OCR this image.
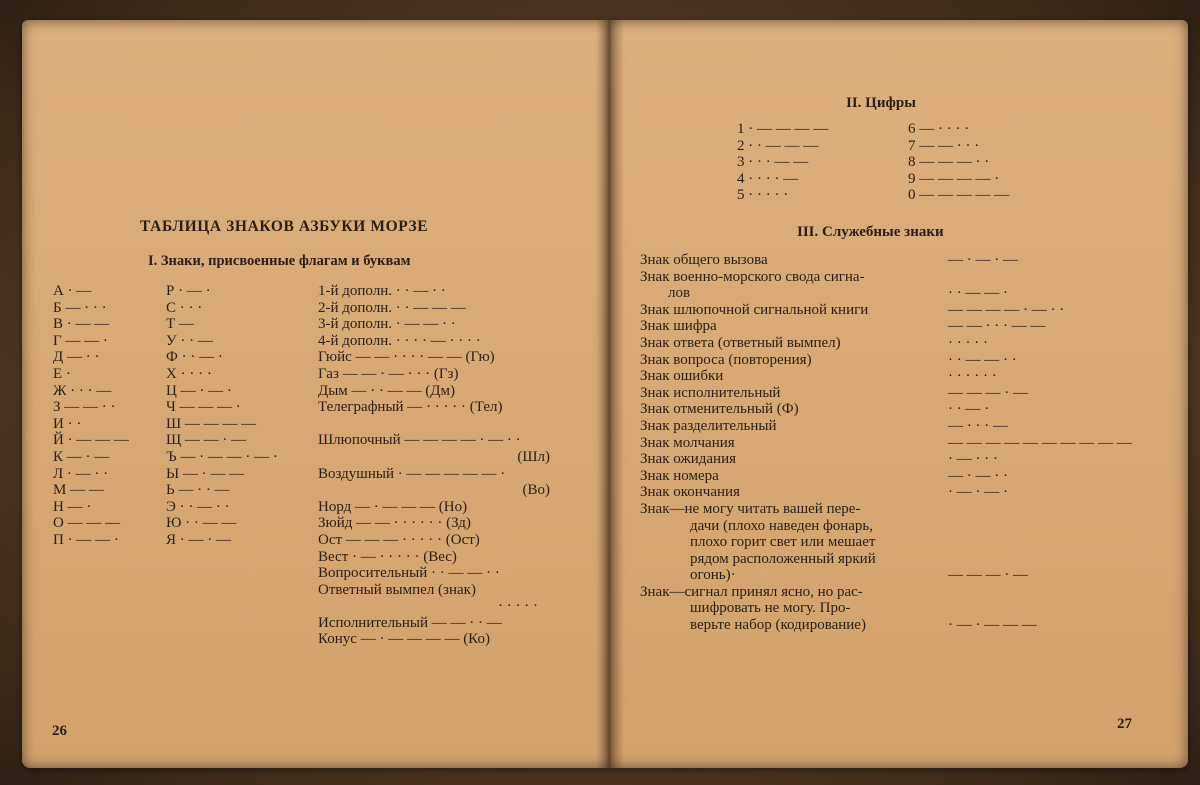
ТАБЛИЦА ЗНАКОВ АЗБУКИ МОРЗЕ
I. Знаки, присвоенные флагам и буквам
А · —
Б — · · ·
В · — —
Г — — ·
Д — · ·
Е ·
Ж · · · —
З — — · ·
И · ·
Й · — — —
К — · —
Л · — · ·
М — —
Н — ·
О — — —
П · — — ·
Р · — ·
С · · ·
Т —
У · · —
Ф · · — ·
Х · · · ·
Ц — · — ·
Ч — — — ·
Ш — — — —
Щ — — · —
Ъ — · — — · — ·
Ы — · — —
Ь — · · —
Э · · — · ·
Ю · · — —
Я · — · —
1-й дополн. · · — · ·
2-й дополн. · · — — —
3-й дополн. · — — · ·
4-й дополн. · · · · — · · · ·
Гюйс — — · · · · — — (Гю)
Газ — — · — · · · (Гз)
Дым — · · — — (Дм)
Телеграфный — · · · · · (Тел)
Шлюпочный — — — — · — · ·
(Шл)
Воздушный · — — — — — ·
(Во)
Норд — · — — — (Но)
Зюйд — — · · · · · · (Зд)
Ост — — — · · · · · (Ост)
Вест · — · · · · · (Вес)
Вопросительный · · — — · ·
Ответный вымпел (знак)
· · · · ·
Исполнительный — — · · —
Конус — · — — — — (Ко)
26
II. Цифры
1 · — — — —
2 · · — — —
3 · · · — —
4 · · · · —
5 · · · · ·
6 — · · · ·
7 — — · · ·
8 — — — · ·
9 — — — — ·
0 — — — — —
III. Служебные знаки
Знак общего вызова
Знак военно-морского свода сигна-
лов
Знак шлюпочной сигнальной книги
Знак шифра
Знак ответа (ответный вымпел)
Знак вопроса (повторения)
Знак ошибки
Знак исполнительный
Знак отменительный (Ф)
Знак разделительный
Знак молчания
Знак ожидания
Знак номера
Знак окончания
Знак—не могу читать вашей пере-
дачи (плохо наведен фонарь,
плохо горит свет или мешает
рядом расположенный яркий
огонь)·
Знак—сигнал принял ясно, но рас-
шифровать не могу. Про-
верьте набор (кодирование)
— · — · —
· · — — ·
— — — — · — · ·
— — · · · — —
· · · · ·
· · — — · ·
· · · · · ·
— — — · —
· · — ·
— · · · —
— — — — — — — — — —
· — · · ·
— · — · ·
· — · — ·
— — — · —
· — · — — —
27
